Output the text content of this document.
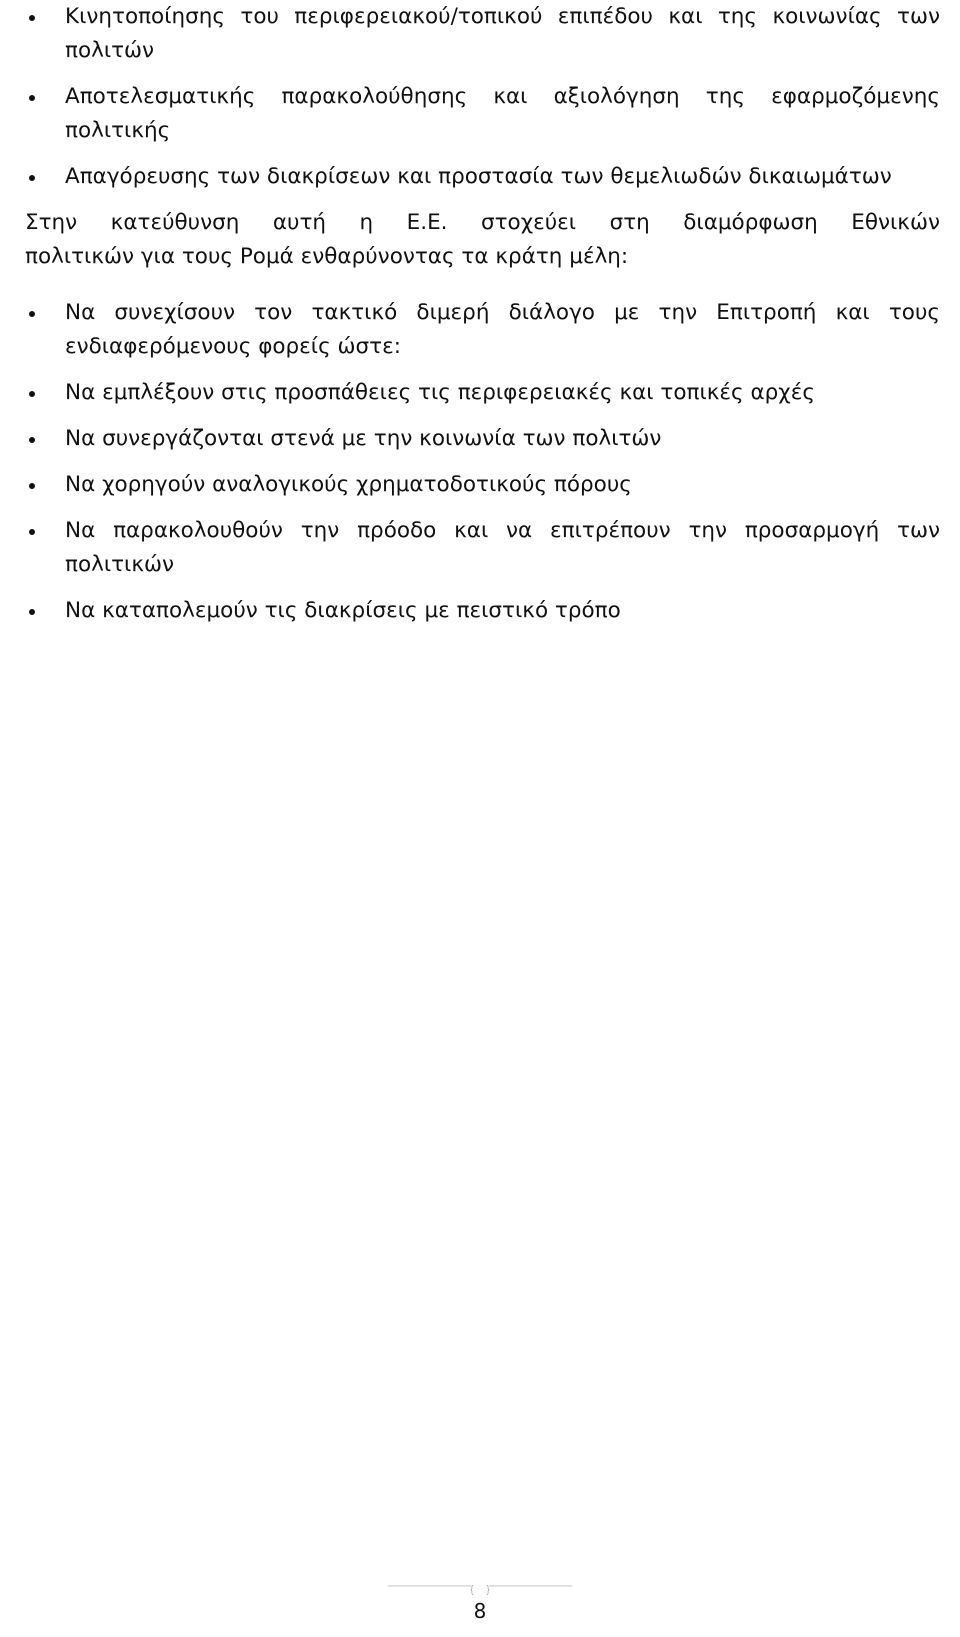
Κινητοποίησης του περιφερειακού/τοπικού επιπέδου και της κοινωνίας των πολιτών
Αποτελεσματικής παρακολούθησης και αξιολόγηση της εφαρμοζόμενης πολιτικής
Απαγόρευσης των διακρίσεων και προστασία των θεμελιωδών δικαιωμάτων

Στην κατεύθυνση αυτή η Ε.Ε. στοχεύει στη διαμόρφωση Εθνικών
πολιτικών για τους Ρομά ενθαρύνοντας τα κράτη μέλη:

Να συνεχίσουν τον τακτικό διμερή διάλογο με την Επιτροπή και τους ενδιαφερόμενους φορείς ώστε:
Να εμπλέξουν στις προσπάθειες τις περιφερειακές και τοπικές αρχές
Να συνεργάζονται στενά με την κοινωνία των πολιτών
Να χορηγούν αναλογικούς χρηματοδοτικούς πόρους
Να παρακολουθούν την πρόοδο και να επιτρέπουν την προσαρμογή των πολιτικών
Να καταπολεμούν τις διακρίσεις με πειστικό τρόπο
8
